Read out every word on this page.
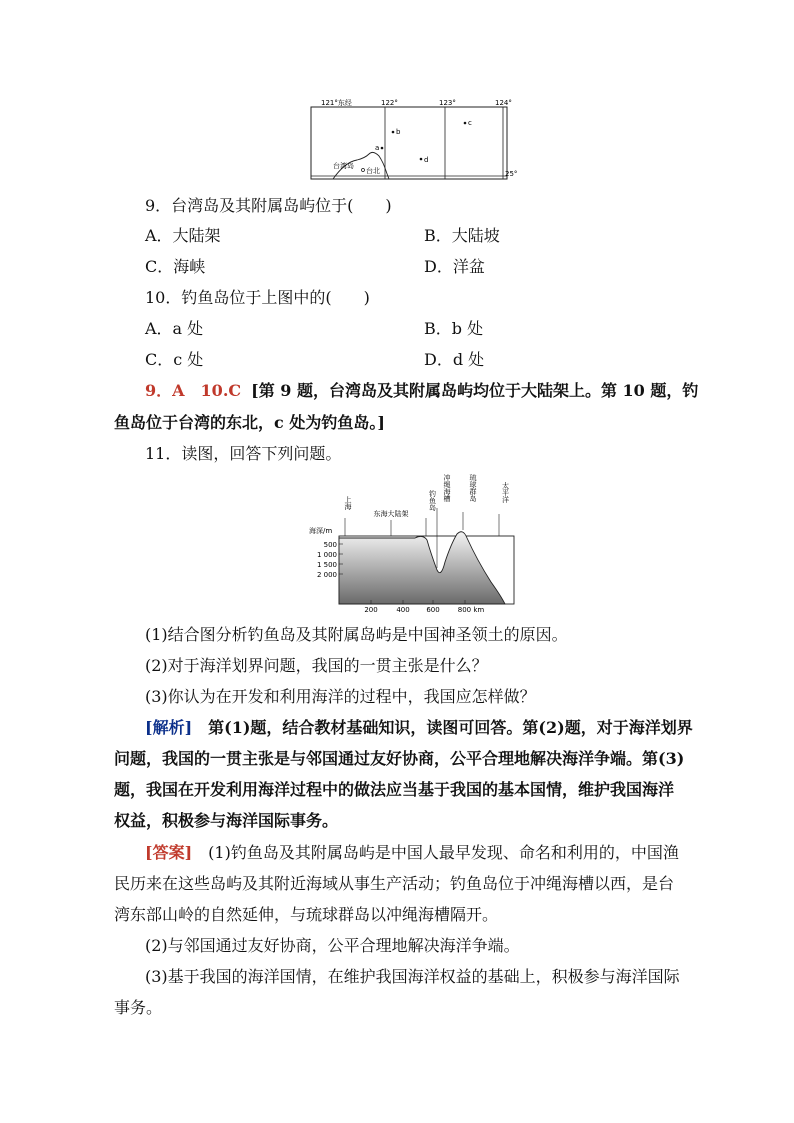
121°东经	122°	123°	124°
25°
台湾岛
台北
a
b
c
d
9．台湾岛及其附属岛屿位于(　　)
A．大陆架	B．大陆坡
C．海峡	D．洋盆
10．钓鱼岛位于上图中的(　　)
A．a 处	B．b 处
C．c 处	D．d 处
9．A　10.C [第 9 题，台湾岛及其附属岛屿均位于大陆架上。第 10 题，钓
鱼岛位于台湾的东北，c 处为钓鱼岛。]
11．读图，回答下列问题。
上海
东海大陆架
钓鱼岛
冲绳海槽
琉球群岛
太平洋
海深/m
500
1 000
1 500
2 000
200	400 600	800 km
(1)结合图分析钓鱼岛及其附属岛屿是中国神圣领土的原因。
(2)对于海洋划界问题，我国的一贯主张是什么？
(3)你认为在开发和利用海洋的过程中，我国应怎样做？
[解析]　第(1)题，结合教材基础知识，读图可回答。第(2)题，对于海洋划界
问题，我国的一贯主张是与邻国通过友好协商，公平合理地解决海洋争端。第(3)
题，我国在开发利用海洋过程中的做法应当基于我国的基本国情，维护我国海洋
权益，积极参与海洋国际事务。
[答案]　(1)钓鱼岛及其附属岛屿是中国人最早发现、命名和利用的，中国渔
民历来在这些岛屿及其附近海域从事生产活动；钓鱼岛位于冲绳海槽以西，是台
湾东部山岭的自然延伸，与琉球群岛以冲绳海槽隔开。
(2)与邻国通过友好协商，公平合理地解决海洋争端。
(3)基于我国的海洋国情，在维护我国海洋权益的基础上，积极参与海洋国际
事务。
